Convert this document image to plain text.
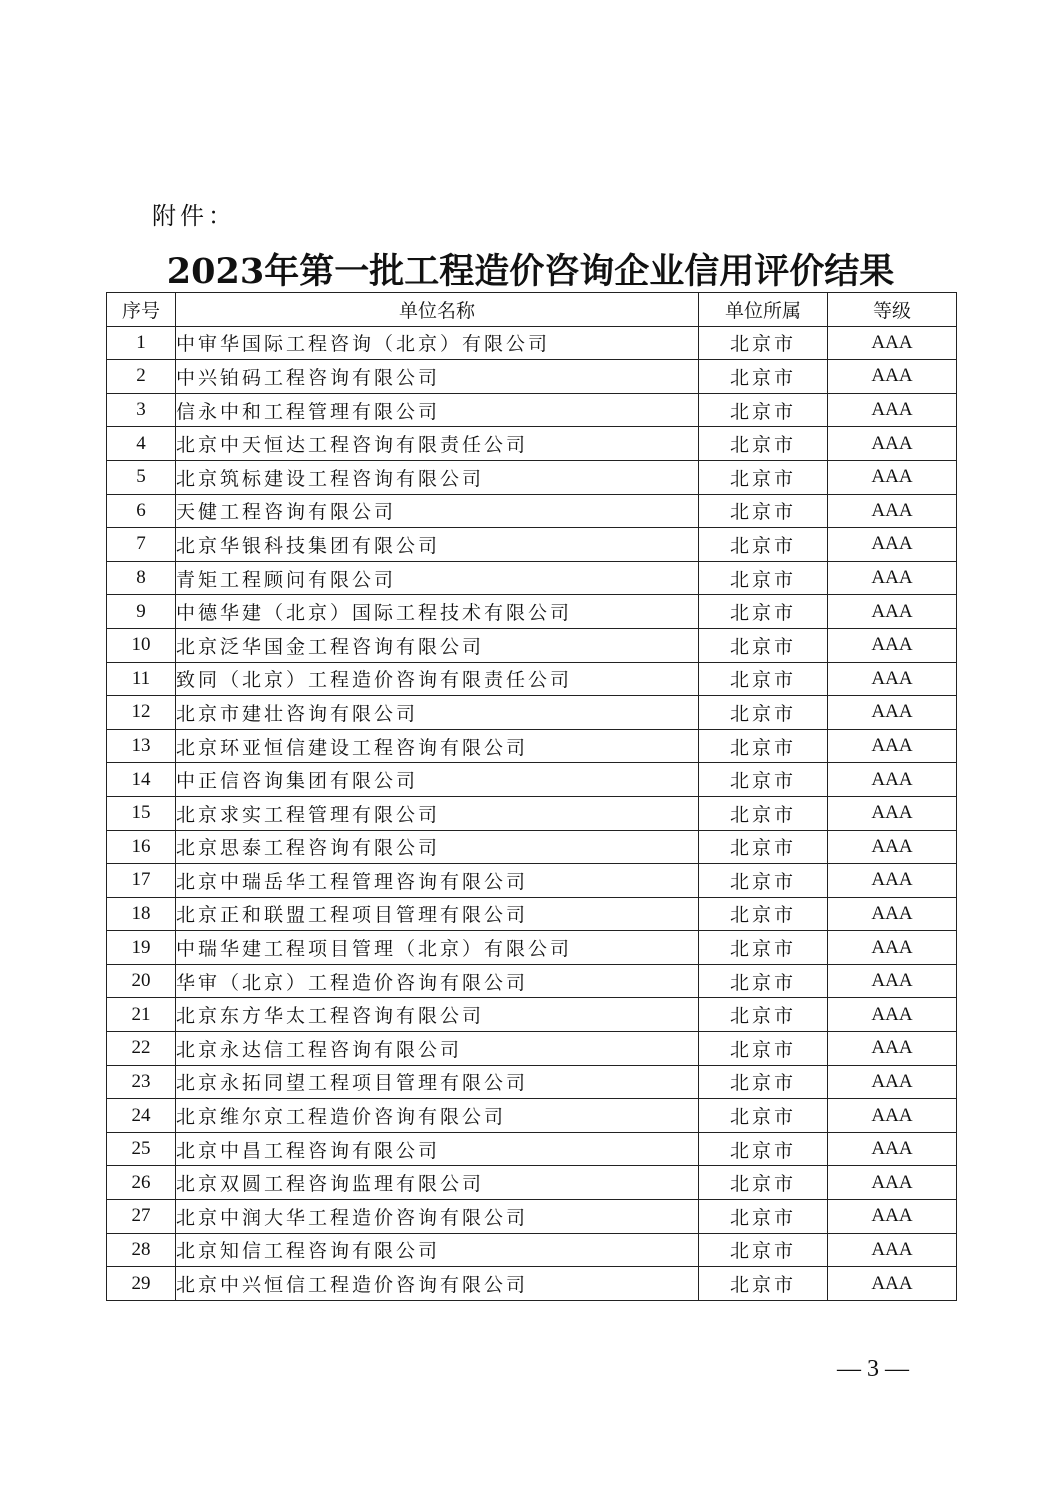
附件：
2023年第一批工程造价咨询企业信用评价结果
序号	单位名称	单位所属	等级
1	中审华国际工程咨询（北京）有限公司	北京市	AAA
2	中兴铂码工程咨询有限公司	北京市	AAA
3	信永中和工程管理有限公司	北京市	AAA
4	北京中天恒达工程咨询有限责任公司	北京市	AAA
5	北京筑标建设工程咨询有限公司	北京市	AAA
6	天健工程咨询有限公司	北京市	AAA
7	北京华银科技集团有限公司	北京市	AAA
8	青矩工程顾问有限公司	北京市	AAA
9	中德华建（北京）国际工程技术有限公司	北京市	AAA
10	北京泛华国金工程咨询有限公司	北京市	AAA
11	致同（北京）工程造价咨询有限责任公司	北京市	AAA
12	北京市建壮咨询有限公司	北京市	AAA
13	北京环亚恒信建设工程咨询有限公司	北京市	AAA
14	中正信咨询集团有限公司	北京市	AAA
15	北京求实工程管理有限公司	北京市	AAA
16	北京思泰工程咨询有限公司	北京市	AAA
17	北京中瑞岳华工程管理咨询有限公司	北京市	AAA
18	北京正和联盟工程项目管理有限公司	北京市	AAA
19	中瑞华建工程项目管理（北京）有限公司	北京市	AAA
20	华审（北京）工程造价咨询有限公司	北京市	AAA
21	北京东方华太工程咨询有限公司	北京市	AAA
22	北京永达信工程咨询有限公司	北京市	AAA
23	北京永拓同望工程项目管理有限公司	北京市	AAA
24	北京维尔京工程造价咨询有限公司	北京市	AAA
25	北京中昌工程咨询有限公司	北京市	AAA
26	北京双圆工程咨询监理有限公司	北京市	AAA
27	北京中润大华工程造价咨询有限公司	北京市	AAA
28	北京知信工程咨询有限公司	北京市	AAA
29	北京中兴恒信工程造价咨询有限公司	北京市	AAA
— 3 —
